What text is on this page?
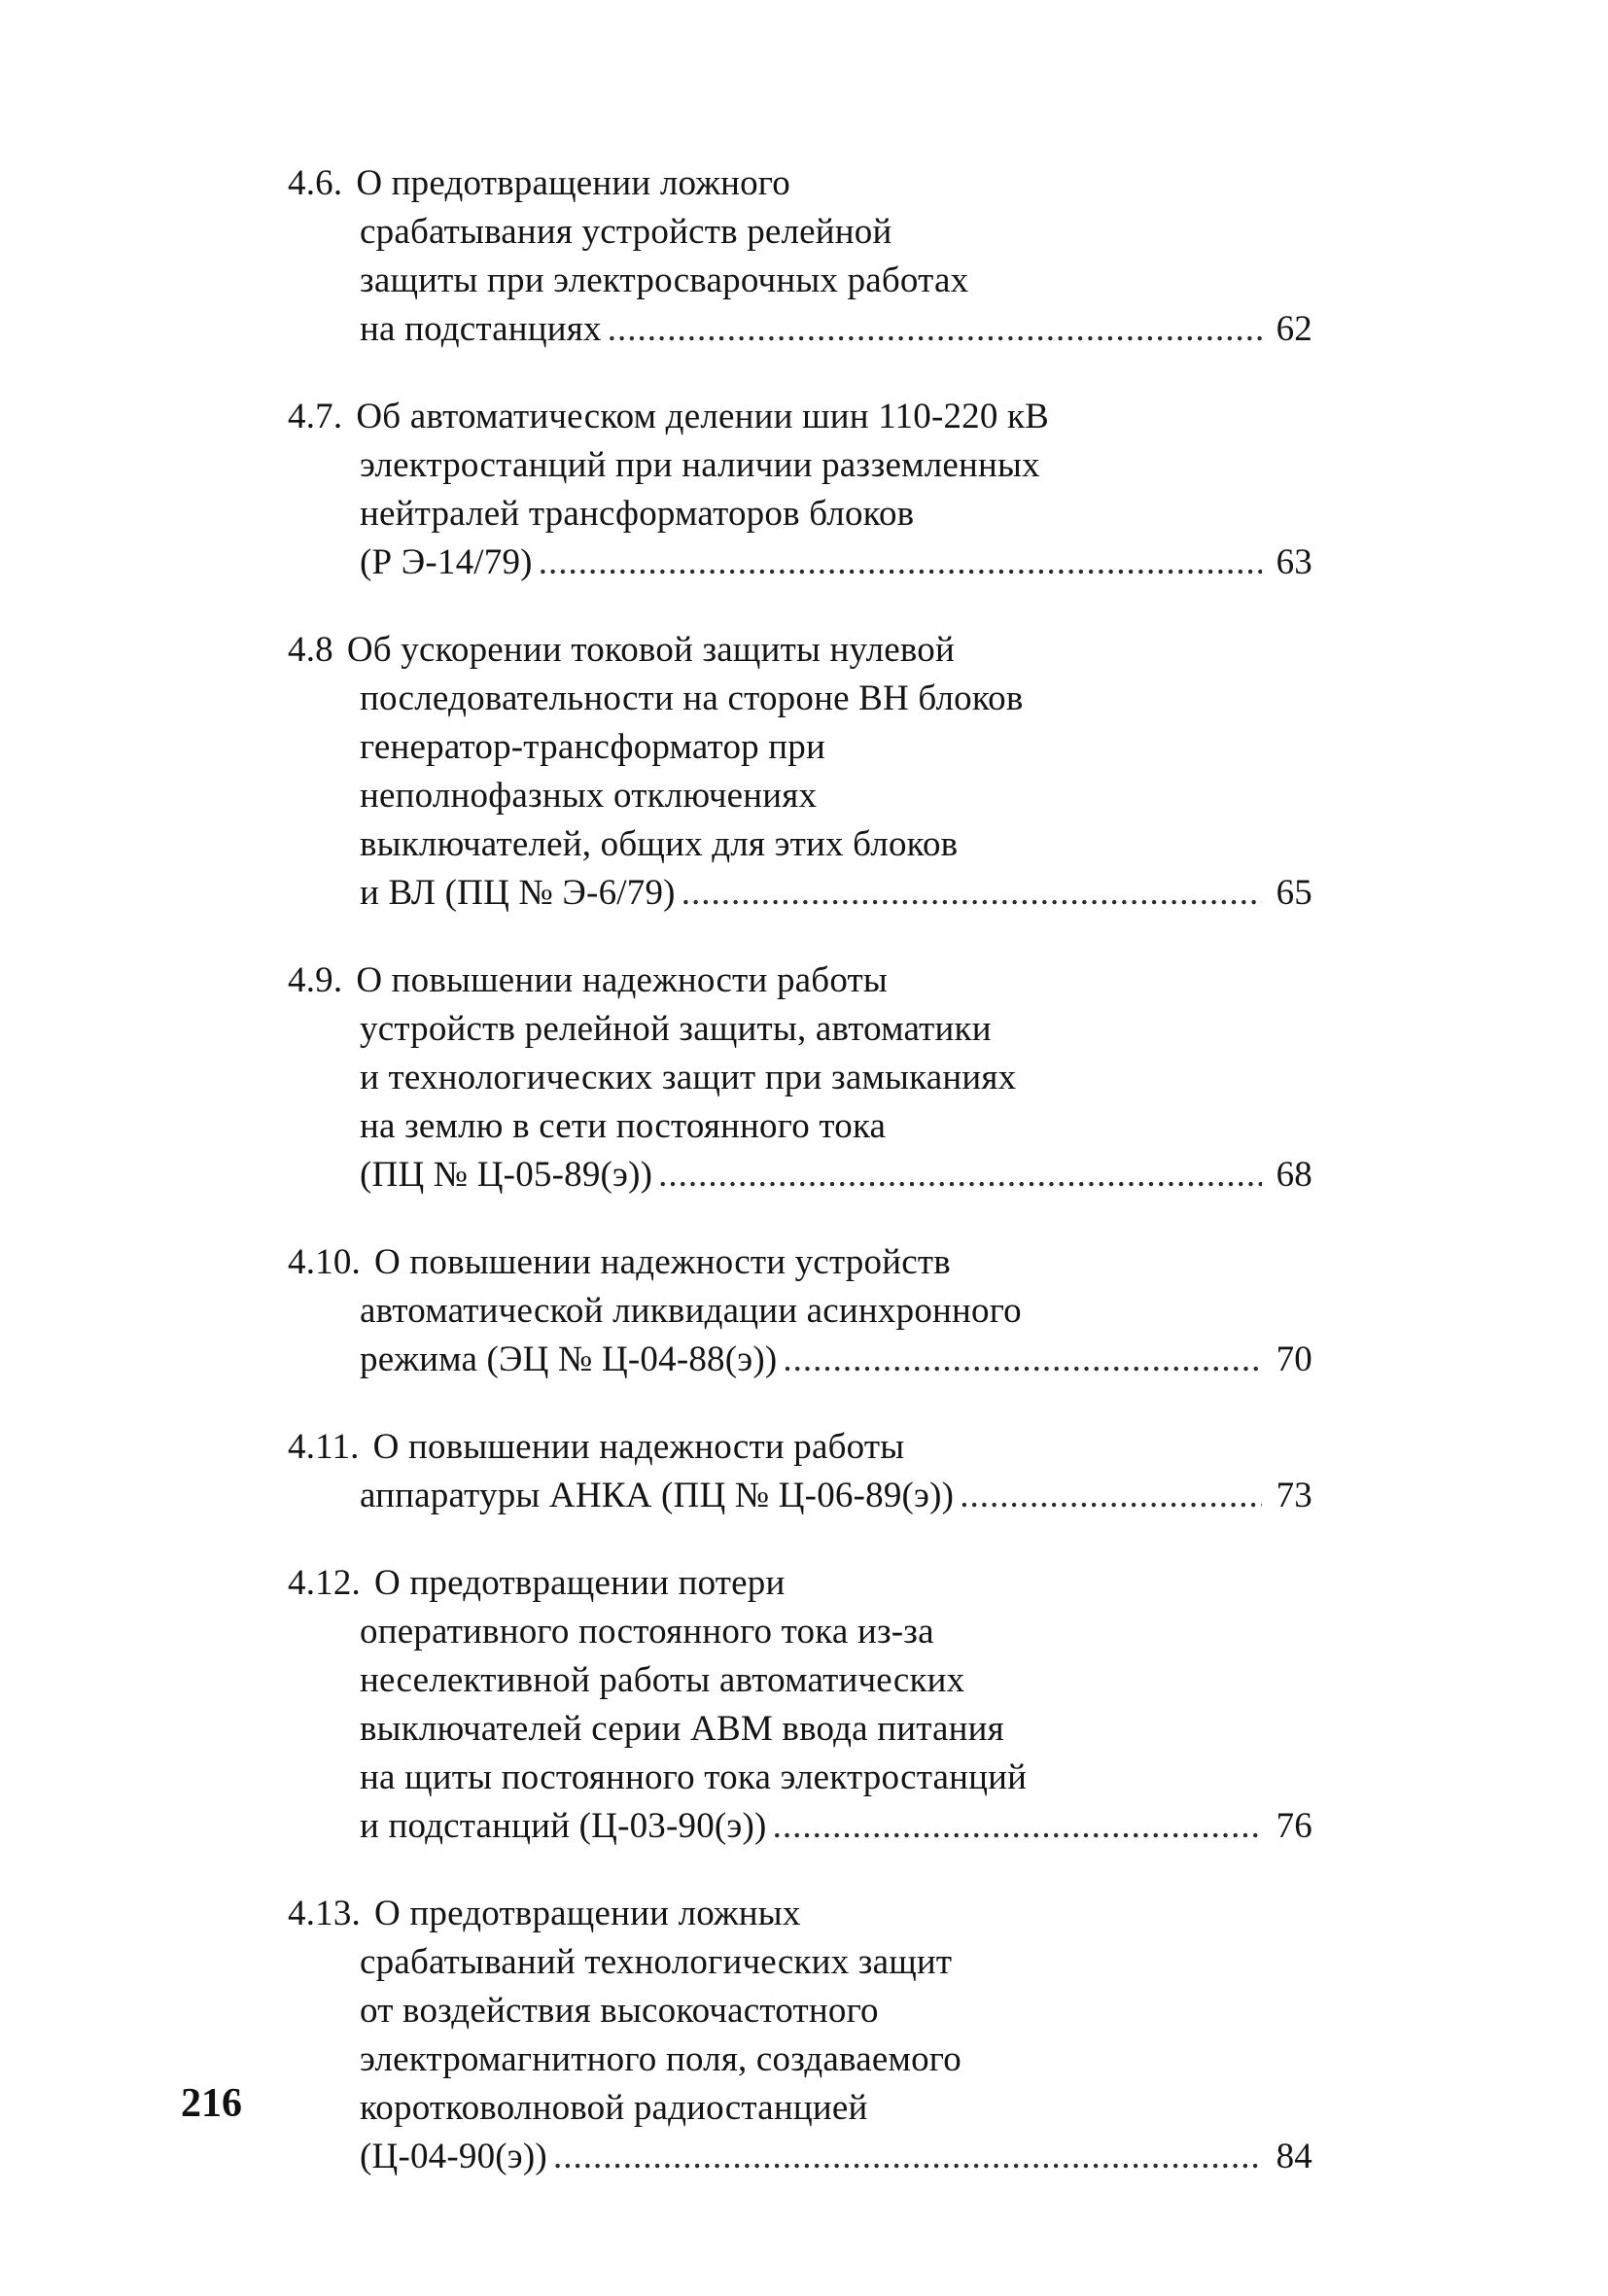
4.6. О предотвращении ложного
срабатывания устройств релейной
защиты при электросварочных работах
на подстанциях .....	62
4.7. Об автоматическом делении шин 110-220 кВ
электростанций при наличии разземленных
нейтралей трансформаторов блоков
(Р Э-14/79) .....	63
4.8 Об ускорении токовой защиты нулевой
последовательности на стороне ВН блоков
генератор-трансформатор при
неполнофазных отключениях
выключателей, общих для этих блоков
и ВЛ (ПЦ № Э-6/79) .....	65
4.9. О повышении надежности работы
устройств релейной защиты, автоматики
и технологических защит при замыканиях
на землю в сети постоянного тока
(ПЦ № Ц-05-89(э)) .....	68
4.10. О повышении надежности устройств
автоматической ликвидации асинхронного
режима (ЭЦ № Ц-04-88(э)) .....	70
4.11. О повышении надежности работы
аппаратуры АНКА (ПЦ № Ц-06-89(э)) .....	73
4.12. О предотвращении потери
оперативного постоянного тока из-за
неселективной работы автоматических
выключателей серии АВМ ввода питания
на щиты постоянного тока электростанций
и подстанций (Ц-03-90(э)) .....	76
4.13. О предотвращении ложных
срабатываний технологических защит
от воздействия высокочастотного
электромагнитного поля, создаваемого
коротковолновой радиостанцией
(Ц-04-90(э)) .....	84
216
